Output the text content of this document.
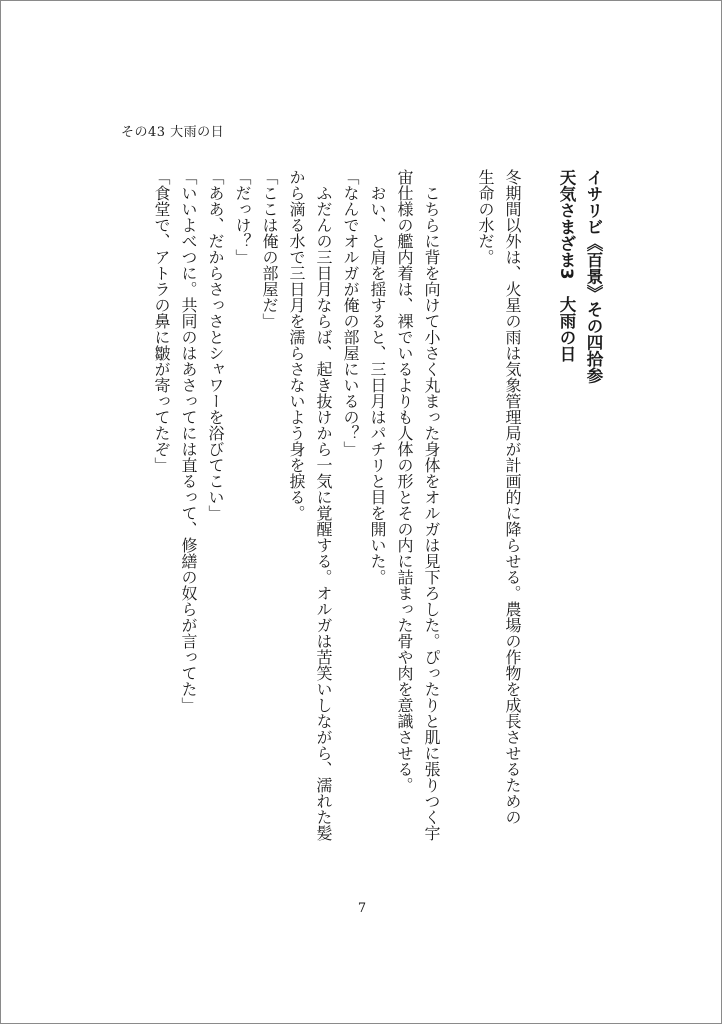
その43 大雨の日

イサリビ《百景》その四拾参

天気さまざま3　大雨の日

冬期間以外は、火星の雨は気象管理局が計画的に降らせる。農場の作物を成長させるための

生命の水だ。

こちらに背を向けて小さく丸まった身体をオルガは見下ろした。ぴったりと肌に張りつく宇

宙仕様の艦内着は、裸でいるよりも人体の形とその内に詰まった骨や肉を意識させる。

おい、と肩を揺すると、三日月はパチリと目を開いた。

「なんでオルガが俺の部屋にいるの？」

ふだんの三日月ならば、起き抜けから一気に覚醒する。オルガは苦笑いしながら、濡れた髪

から滴る水で三日月を濡らさないよう身を捩る。

「ここは俺の部屋だ」

「だっけ？」

「ああ、だからさっさとシャワーを浴びてこい」

「いいよべつに。共同のはあさってには直るって、修繕の奴らが言ってた」

「食堂で、アトラの鼻に皺が寄ってたぞ」

7
